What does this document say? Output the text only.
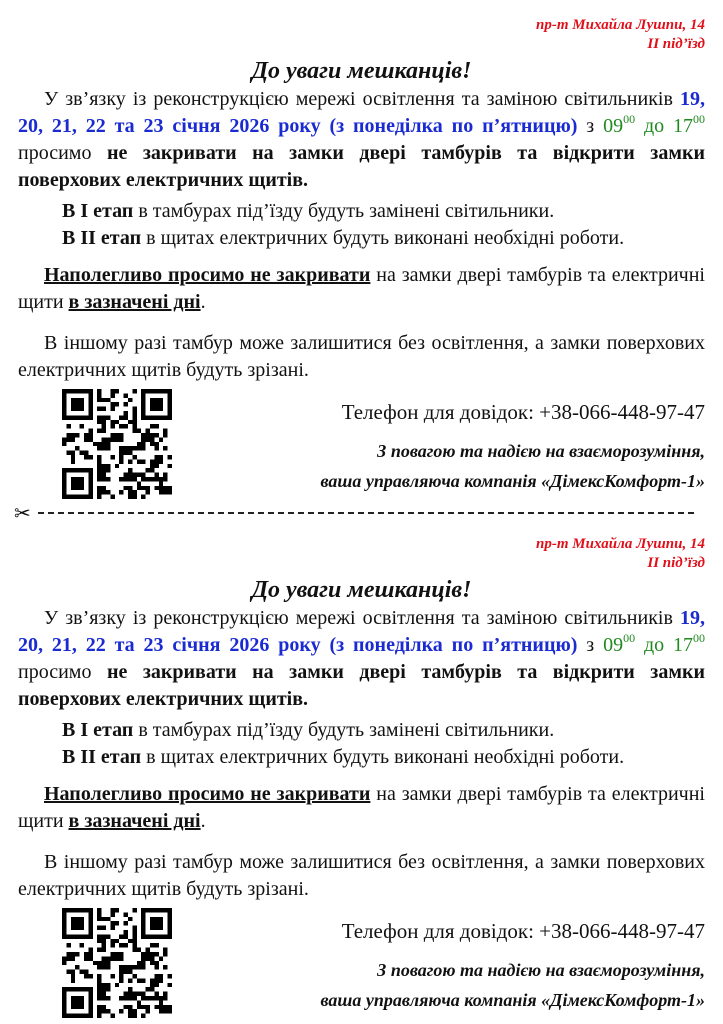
пр-т Михайла Лушпи, 14
ІІ під’їзд
До уваги мешканців!
У зв’язку із реконструкцією мережі освітлення та заміною світильників 19, 20, 21, 22 та 23 січня 2026 року (з понеділка по п’ятницю) з $09^{00}$ до $17^{00}$ просимо не закривати на замки двері тамбурів та відкрити замки поверхових електричних щитів.
В І етап в тамбурах під’їзду будуть замінені світильники.
В ІІ етап в щитах електричних будуть виконані необхідні роботи.
Наполегливо просимо не закривати на замки двері тамбурів та електричні щити в зазначені дні.
В іншому разі тамбур може залишитися без освітлення, а замки поверхових електричних щитів будуть зрізані.
Телефон для довідок: +38-066-448-97-47
З повагою та надією на взаєморозуміння,
ваша управляюча компанія «ДімексКомфорт-1»
✂
пр-т Михайла Лушпи, 14
ІІ під’їзд
До уваги мешканців!
У зв’язку із реконструкцією мережі освітлення та заміною світильників 19, 20, 21, 22 та 23 січня 2026 року (з понеділка по п’ятницю) з $09^{00}$ до $17^{00}$ просимо не закривати на замки двері тамбурів та відкрити замки поверхових електричних щитів.
В І етап в тамбурах під’їзду будуть замінені світильники.
В ІІ етап в щитах електричних будуть виконані необхідні роботи.
Наполегливо просимо не закривати на замки двері тамбурів та електричні щити в зазначені дні.
В іншому разі тамбур може залишитися без освітлення, а замки поверхових електричних щитів будуть зрізані.
Телефон для довідок: +38-066-448-97-47
З повагою та надією на взаєморозуміння,
ваша управляюча компанія «ДімексКомфорт-1»
